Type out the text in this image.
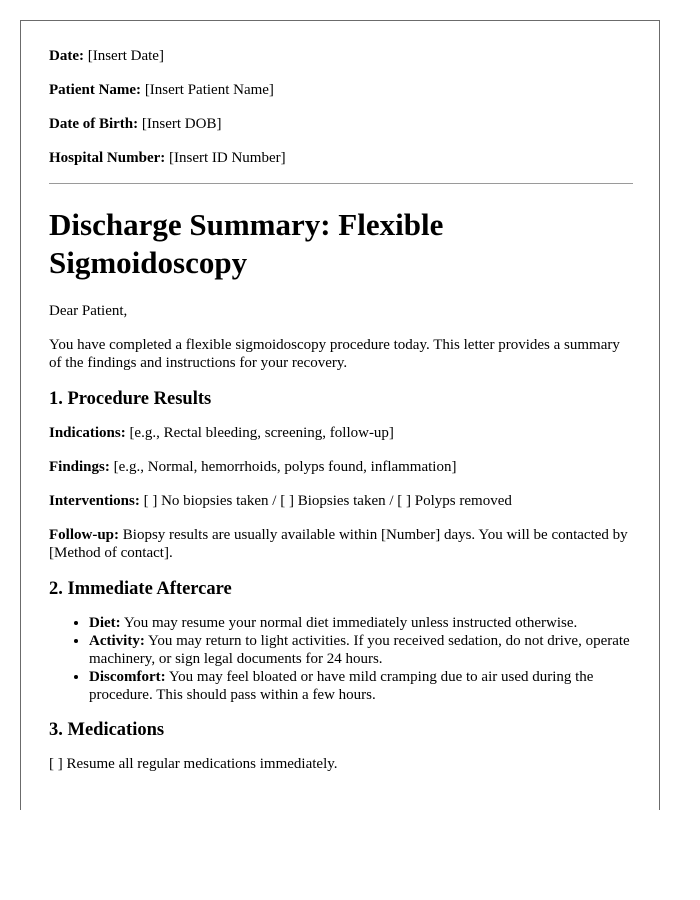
Date: [Insert Date]
Patient Name: [Insert Patient Name]
Date of Birth: [Insert DOB]
Hospital Number: [Insert ID Number]
Discharge Summary: Flexible Sigmoidoscopy

Dear Patient,

You have completed a flexible sigmoidoscopy procedure today. This letter provides a summary of the findings and instructions for your recovery.

1. Procedure Results

Indications: [e.g., Rectal bleeding, screening, follow-up]

Findings: [e.g., Normal, hemorrhoids, polyps found, inflammation]

Interventions: [ ] No biopsies taken / [ ] Biopsies taken / [ ] Polyps removed

Follow-up: Biopsy results are usually available within [Number] days. You will be contacted by [Method of contact].

2. Immediate Aftercare
• Diet: You may resume your normal diet immediately unless instructed otherwise.
• Activity: You may return to light activities. If you received sedation, do not drive, operate machinery, or sign legal documents for 24 hours.
• Discomfort: You may feel bloated or have mild cramping due to air used during the procedure. This should pass within a few hours.
3. Medications

[ ] Resume all regular medications immediately.
